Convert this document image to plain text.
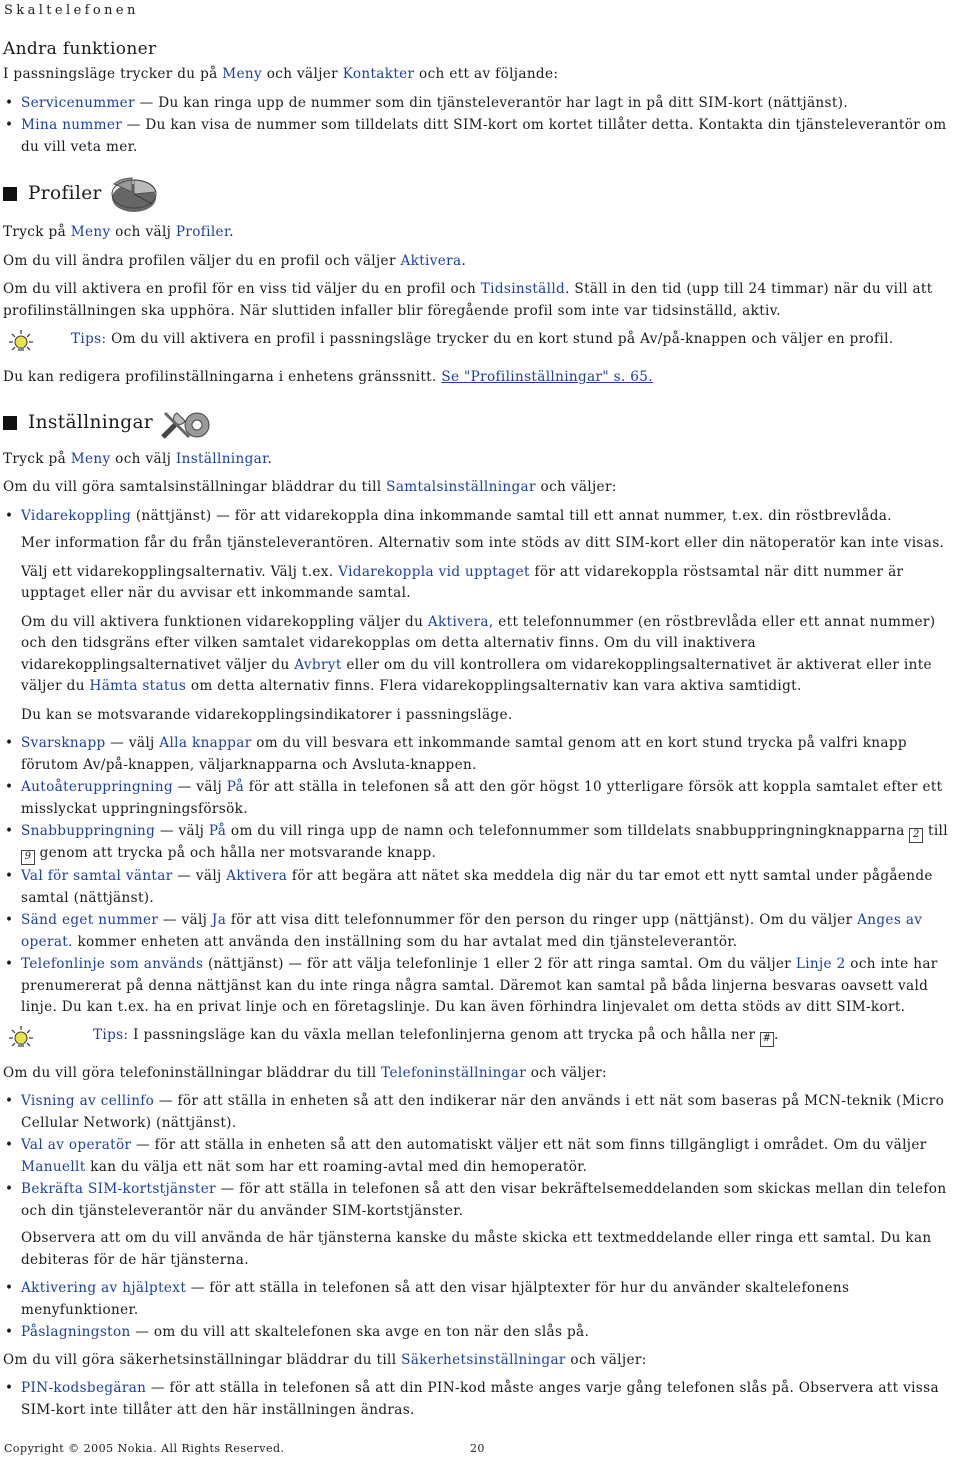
Skaltelefonen
Andra funktioner

I passningsläge trycker du på Meny och väljer Kontakter och ett av följande:

• Servicenummer — Du kan ringa upp de nummer som din tjänsteleverantör har lagt in på ditt SIM-kort (nättjänst).
• Mina nummer — Du kan visa de nummer som tilldelats ditt SIM-kort om kortet tillåter detta. Kontakta din tjänsteleverantör om du vill veta mer.
Profiler

Tryck på Meny och välj Profiler.

Om du vill ändra profilen väljer du en profil och väljer Aktivera.

Om du vill aktivera en profil för en viss tid väljer du en profil och Tidsinställd. Ställ in den tid (upp till 24 timmar) när du vill att profilinställningen ska upphöra. När sluttiden infaller blir föregående profil som inte var tidsinställd, aktiv.

Tips: Om du vill aktivera en profil i passningsläge trycker du en kort stund på Av/på-knappen och väljer en profil.

Du kan redigera profilinställningarna i enhetens gränssnitt. Se "Profilinställningar" s. 65.

Inställningar

Tryck på Meny och välj Inställningar.

Om du vill göra samtalsinställningar bläddrar du till Samtalsinställningar och väljer:

• Vidarekoppling (nättjänst) — för att vidarekoppla dina inkommande samtal till ett annat nummer, t.ex. din röstbrevlåda.

Mer information får du från tjänsteleverantören. Alternativ som inte stöds av ditt SIM-kort eller din nätoperatör kan inte visas.

Välj ett vidarekopplingsalternativ. Välj t.ex. Vidarekoppla vid upptaget för att vidarekoppla röstsamtal när ditt nummer är upptaget eller när du avvisar ett inkommande samtal.

Om du vill aktivera funktionen vidarekoppling väljer du Aktivera, ett telefonnummer (en röstbrevlåda eller ett annat nummer) och den tidsgräns efter vilken samtalet vidarekopplas om detta alternativ finns. Om du vill inaktivera vidarekopplingsalternativet väljer du Avbryt eller om du vill kontrollera om vidarekopplingsalternativet är aktiverat eller inte väljer du Hämta status om detta alternativ finns. Flera vidarekopplingsalternativ kan vara aktiva samtidigt.

Du kan se motsvarande vidarekopplingsindikatorer i passningsläge.

• Svarsknapp — välj Alla knappar om du vill besvara ett inkommande samtal genom att en kort stund trycka på valfri knapp förutom Av/på-knappen, väljarknapparna och Avsluta-knappen.
• Autoåteruppringning — välj På för att ställa in telefonen så att den gör högst 10 ytterligare försök att koppla samtalet efter ett misslyckat uppringningsförsök.
• Snabbuppringning — välj På om du vill ringa upp de namn och telefonnummer som tilldelats snabbuppringningknapparna 2 till 9 genom att trycka på och hålla ner motsvarande knapp.
• Val för samtal väntar — välj Aktivera för att begära att nätet ska meddela dig när du tar emot ett nytt samtal under pågående samtal (nättjänst).
• Sänd eget nummer — välj Ja för att visa ditt telefonnummer för den person du ringer upp (nättjänst). Om du väljer Anges av operat. kommer enheten att använda den inställning som du har avtalat med din tjänsteleverantör.
• Telefonlinje som används (nättjänst) — för att välja telefonlinje 1 eller 2 för att ringa samtal. Om du väljer Linje 2 och inte har prenumererat på denna nättjänst kan du inte ringa några samtal. Däremot kan samtal på båda linjerna besvaras oavsett vald linje. Du kan t.ex. ha en privat linje och en företagslinje. Du kan även förhindra linjevalet om detta stöds av ditt SIM-kort.
Tips: I passningsläge kan du växla mellan telefonlinjerna genom att trycka på och hålla ner # .

Om du vill göra telefoninställningar bläddrar du till Telefoninställningar och väljer:

• Visning av cellinfo — för att ställa in enheten så att den indikerar när den används i ett nät som baseras på MCN-teknik (Micro Cellular Network) (nättjänst).
• Val av operatör — för att ställa in enheten så att den automatiskt väljer ett nät som finns tillgängligt i området. Om du väljer Manuellt kan du välja ett nät som har ett roaming-avtal med din hemoperatör.
• Bekräfta SIM-kortstjänster — för att ställa in telefonen så att den visar bekräftelsemeddelanden som skickas mellan din telefon och din tjänsteleverantör när du använder SIM-kortstjänster.

Observera att om du vill använda de här tjänsterna kanske du måste skicka ett textmeddelande eller ringa ett samtal. Du kan debiteras för de här tjänsterna.

• Aktivering av hjälptext — för att ställa in telefonen så att den visar hjälptexter för hur du använder skaltelefonens menyfunktioner.
• Påslagningston — om du vill att skaltelefonen ska avge en ton när den slås på.

Om du vill göra säkerhetsinställningar bläddrar du till Säkerhetsinställningar och väljer:

• PIN-kodsbegäran — för att ställa in telefonen så att din PIN-kod måste anges varje gång telefonen slås på. Observera att vissa SIM-kort inte tillåter att den här inställningen ändras.
Copyright © 2005 Nokia. All Rights Reserved.	20
